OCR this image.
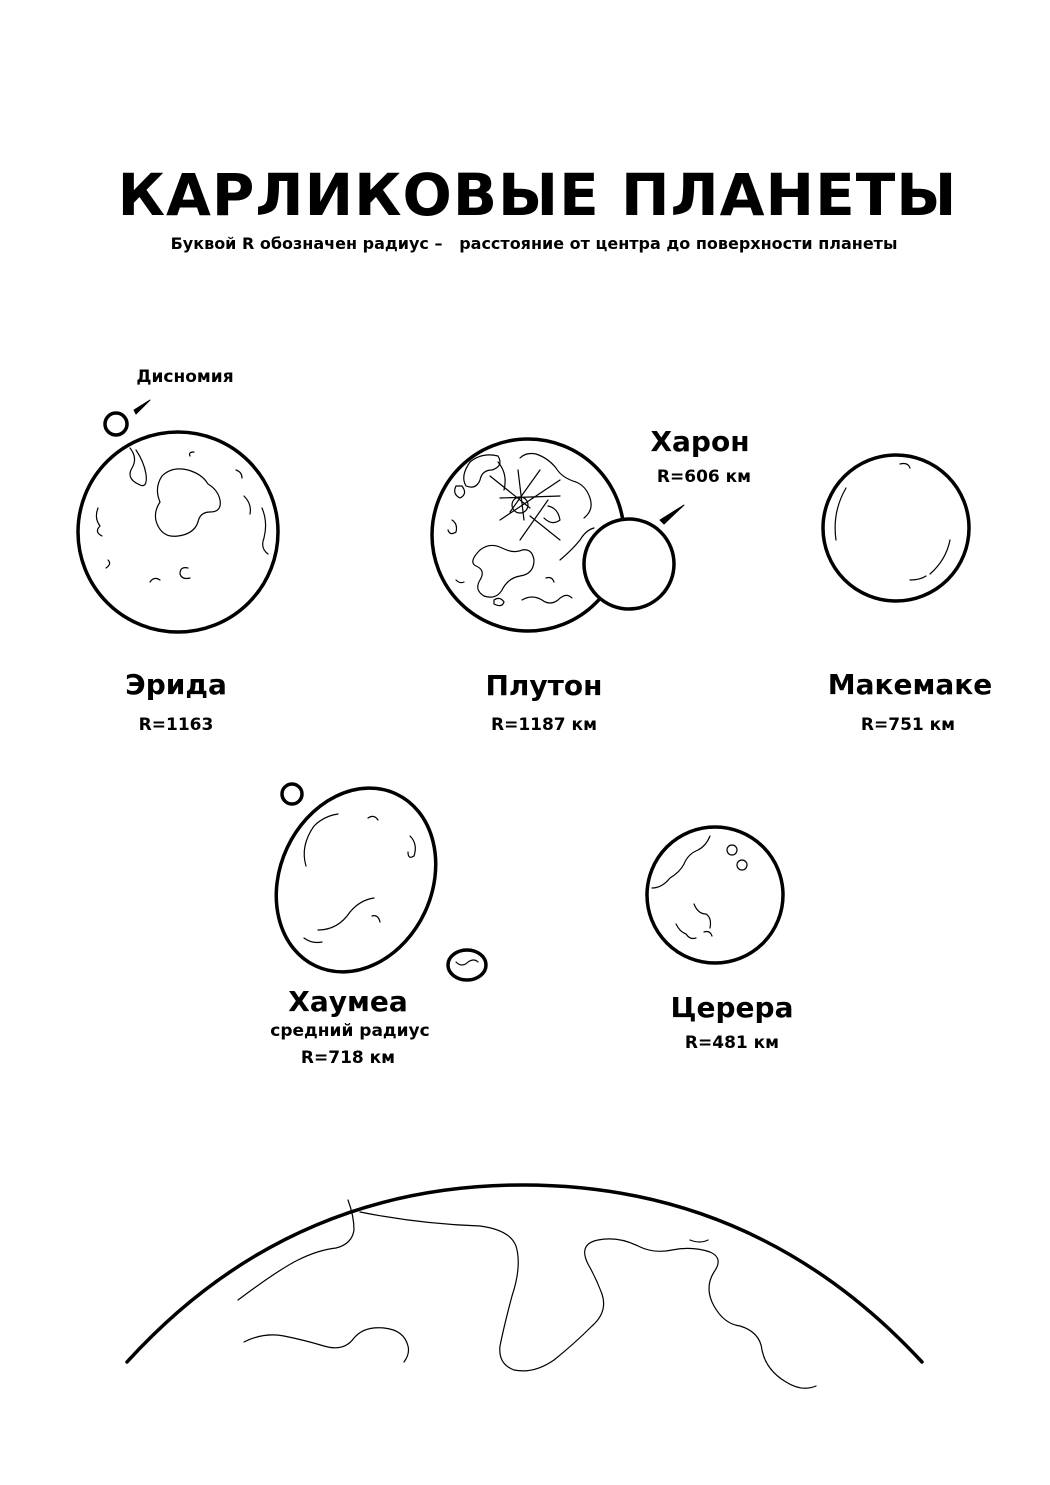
КАРЛИКОВЫЕ ПЛАНЕТЫ
Буквой R обозначен радиус –   расстояние от центра до поверхности планеты
Дисномия
Эрида
R=1163
Плутон
R=1187 км
Харон
R=606 км
Макемаке
R=751 км
Хаумеа
средний радиус
R=718 км
Церера
R=481 км
